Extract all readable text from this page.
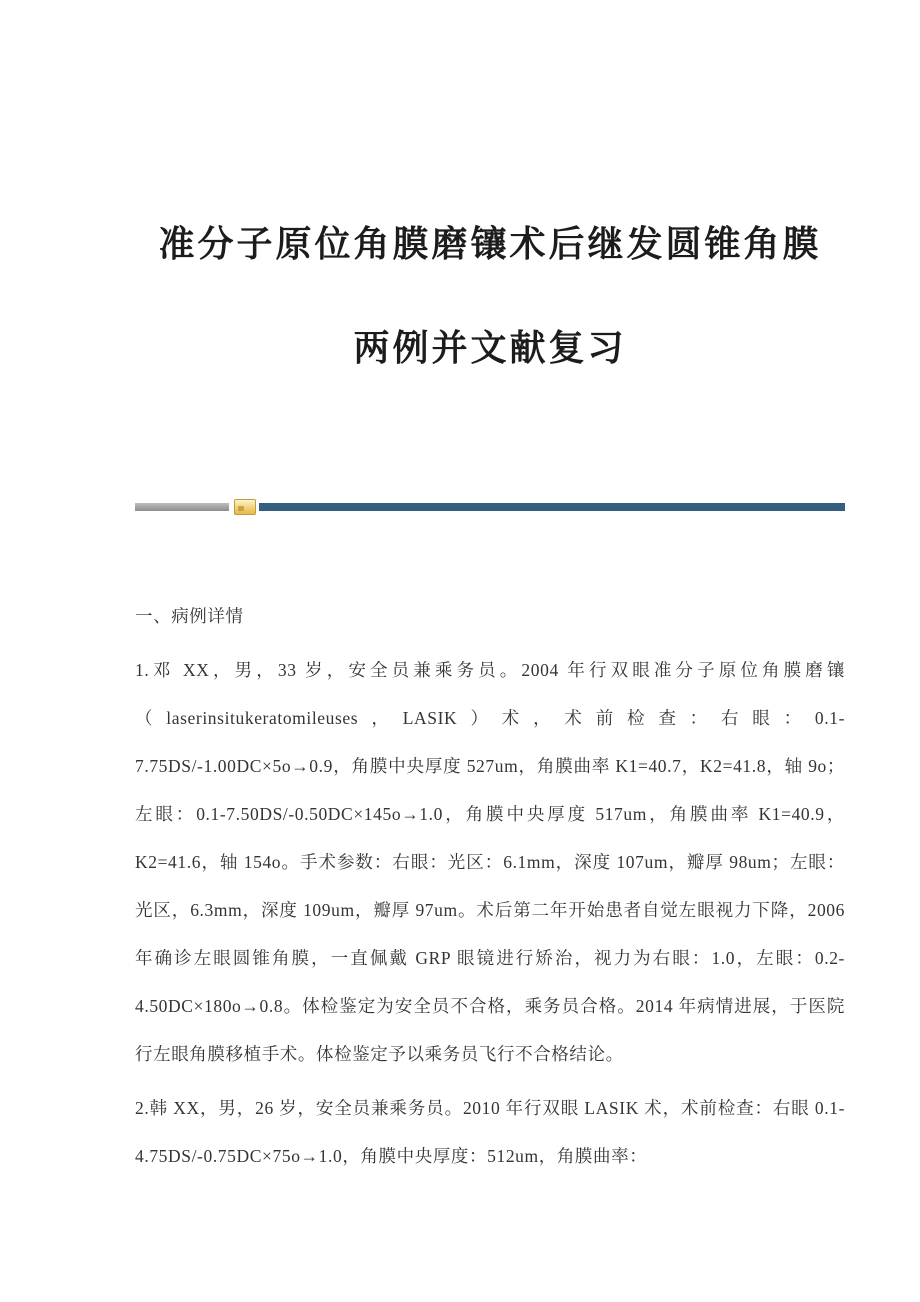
准分子原位角膜磨镶术后继发圆锥角膜
两例并文献复习

一、病例详情

1.邓 XX，男，33 岁，安全员兼乘务员。2004 年行双眼准分子原位角膜磨镶（laserinsitukeratomileuses，LASIK）术，术前检查：右眼：0.1-7.75DS/-1.00DC×5o→0.9，角膜中央厚度 527um，角膜曲率 K1=40.7，K2=41.8，轴 9o；左眼：0.1-7.50DS/-0.50DC×145o→1.0，角膜中央厚度 517um，角膜曲率 K1=40.9，K2=41.6，轴 154o。手术参数：右眼：光区：6.1mm，深度 107um，瓣厚 98um；左眼：光区，6.3mm，深度 109um，瓣厚 97um。术后第二年开始患者自觉左眼视力下降，2006 年确诊左眼圆锥角膜，一直佩戴 GRP 眼镜进行矫治，视力为右眼：1.0，左眼：0.2-4.50DC×180o→0.8。体检鉴定为安全员不合格，乘务员合格。2014 年病情进展，于医院行左眼角膜移植手术。体检鉴定予以乘务员飞行不合格结论。

2.韩 XX，男，26 岁，安全员兼乘务员。2010 年行双眼 LASIK 术，术前检查：右眼 0.1-4.75DS/-0.75DC×75o→1.0，角膜中央厚度：512um，角膜曲率：
